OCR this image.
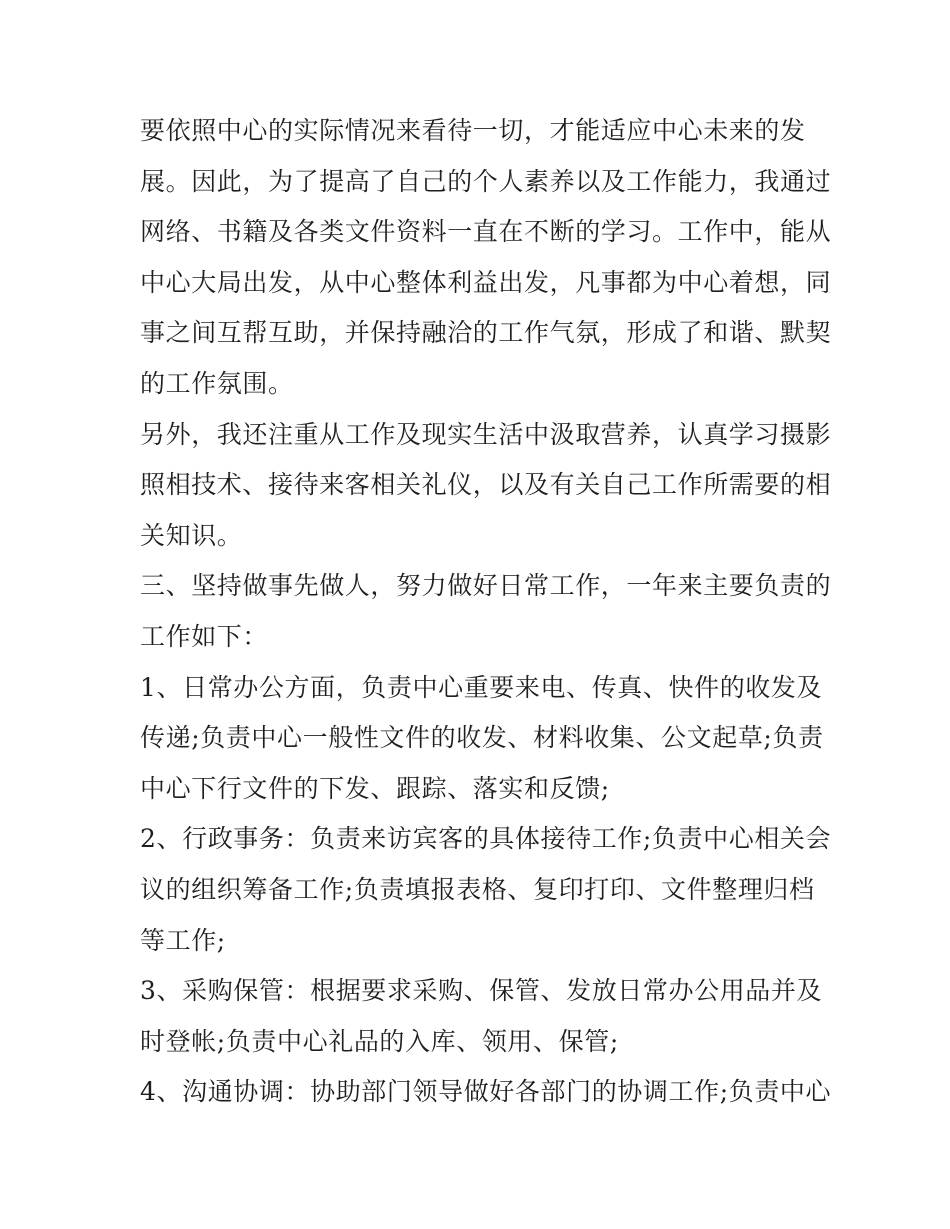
要依照中心的实际情况来看待一切，才能适应中心未来的发
展。因此，为了提高了自己的个人素养以及工作能力，我通过
网络、书籍及各类文件资料一直在不断的学习。工作中，能从
中心大局出发，从中心整体利益出发，凡事都为中心着想，同
事之间互帮互助，并保持融洽的工作气氛，形成了和谐、默契
的工作氛围。
另外，我还注重从工作及现实生活中汲取营养，认真学习摄影
照相技术、接待来客相关礼仪，以及有关自己工作所需要的相
关知识。
三、坚持做事先做人，努力做好日常工作，一年来主要负责的
工作如下：
1、日常办公方面，负责中心重要来电、传真、快件的收发及
传递;负责中心一般性文件的收发、材料收集、公文起草;负责
中心下行文件的下发、跟踪、落实和反馈;
2、行政事务：负责来访宾客的具体接待工作;负责中心相关会
议的组织筹备工作;负责填报表格、复印打印、文件整理归档
等工作;
3、采购保管：根据要求采购、保管、发放日常办公用品并及
时登帐;负责中心礼品的入库、领用、保管;
4、沟通协调：协助部门领导做好各部门的协调工作;负责中心
